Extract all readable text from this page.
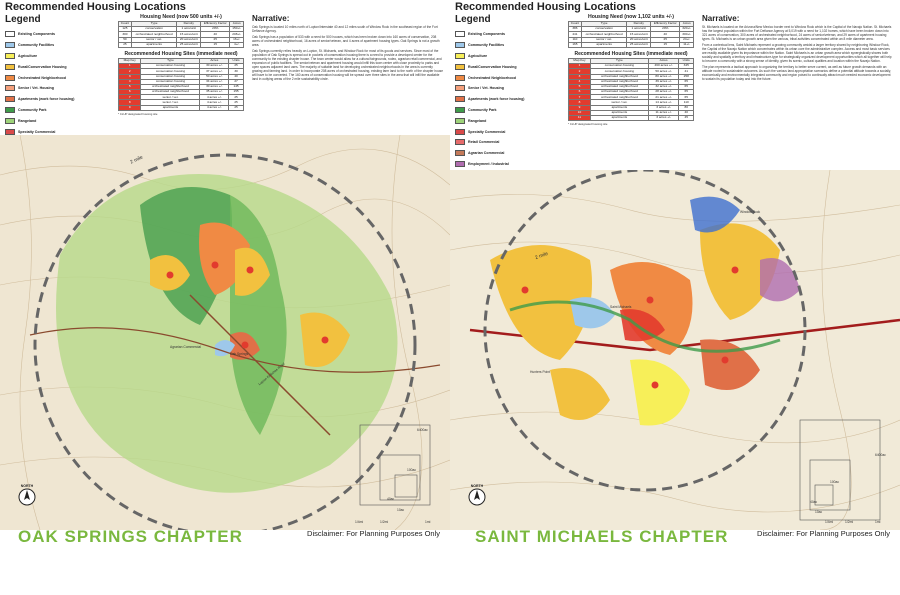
Recommended Housing Locations
Legend
Existing Components
Community Facilities
Agriculture
Rural/Conservation Housing
Orchestrated Neighborhood
Senior / Vet. Housing
Apartments (work force housing)
Community Park
Rangeland
Specialty Commercial
Housing Need (now 500 units +/-)
Count	Type	Density	Efficiency Factor	Acres
125	conservation	1 acre/unit	20%	150+/-
300	orchestrated neighborhood	15 acres/unit	40	208+/-
50	senior / vet.	20 acres/unit	25	16+/-
25	apartments	25 acres/unit	15	4+/-
Recommended Housing Sites (immediate need)
Map Key	Type	Acres	Units
1	conservation housing	30 acres +/-	25
2	conservation housing	37 acres +/-	30
3	conservation housing	50 acres +/-	40
4	conservation housing	34 acres +/-	27
5	orchestrated neighborhood	30 acres +/-	145
6	orchestrated neighborhood	35 acres +/-	155
7	senior / vet.	4 acres +/-	25
8	senior / vet.	4 acres +/-	25
9	apartments	4 acres +/-	25
* CLUP designated housing site
Narrative:

Oak Springs is located 10 miles north of Lupton/Interstate 40 and 12 miles south of Window Rock in the southeast region of the Fort Defiance Agency.

Oak Springs has a population of 533 with a need for 500 houses, which has been broken down into 160 acres of conservation, 208 acres of orchestrated neighborhood, 16 acres of senior/veteran, and 4 acres of apartment housing types. Oak Springs is not a growth area.

Oak Springs currently relies heavily on Lupton, St. Michaels, and Window Rock for most of its goods and services. Since most of the population of Oak Springs is spread out in pockets of conservation housing there is a need to provide a developed center for the community to the existing chapter house. The town center would allow for a cultural fairgrounds, rodeo, agrarian retail commercial, and expansion of public facilities. The senior/veteran and apartment housing would infill this town center with close proximity to parks and open spaces adjacent land uses. The majority of suitable land for developing orchestrated neighborhoods in the area is currently grazing and farming land. In order to incorporate 208 acres of orchestrated housing, existing farm land to the north of the chapter house will have to be converted. The 160 acres of conservation housing will be spread over three sites in the area that will infill the available land in outlying areas of the 2 mile sustainability circle.

2 mile
Lupton Kinlichee Road
Agrarian Commercial
Oak Springs
6400ac
100ac
40ac
10ac
1/4mi	1/2mi	1mi
NORTH
OAK SPRINGS CHAPTER	Disclaimer: For Planning Purposes Only
Recommended Housing Locations
Legend
Existing Components
Community Facilities
Agriculture
Rural/Conservation Housing
Orchestrated Neighborhood
Senior / Vet. Housing
Apartments (work force housing)
Community Park
Rangeland
Specialty Commercial
Retail Commercial
Agrarian Commercial
Employment / Industrial
Housing Need (now 1,102 units +/-)
Count	Type	Density	Efficiency Factor	Acres
386	conservation	1 acre/unit	20%	320+/-
441	orchestrated neighborhood	15 acres/unit	40	300+/-
110	senior / vet.	20 acres/unit	25	24+/-
165	apartments	25 acres/unit	15	11+/-
Recommended Housing Sites (immediate need)
Map Key	Type	Acres	Units
1	conservation housing	460 acres +/-	345
2	conservation housing	50 acres +/-	41
3	orchestrated neighborhood	80 acres +/-	258
4	orchestrated neighborhood	39 acres +/-	65
5	orchestrated neighborhood	32 acres +/-	65
6	orchestrated neighborhood	28 acres +/-	65
7	orchestrated neighborhood	21 acres +/-	65
8	senior / vet.	14 acres +/-	110
9	apartments	3 acres +/-	80
10	apartments	11 acres +/-	40
11	apartments	3 acres +/-	45
* CLUP designated housing site
Narrative:

St. Michaels is located on the Arizona/New Mexico border next to Window Rock which is the Capital of the Navajo Nation. St. Michaels has the largest population within the Fort Defiance Agency at 5,019 with a need for 1,102 homes, which have been broken down into 321 acres of conservation, 300 acres of orchestrated neighborhood, 24 acres of senior/veteran, and 29 acres of apartment housing types. St. Michaels is an urban growth area given the various, tribal activities concentrated within an 8 mile diameter area.

From a contextual lens, Saint Michaels represent a growing community amidst a larger territory shared by neighboring Window Rock, the Capital of the Navajo Nation which concentrates within its urban core the administrative complex. Access and most basic services are readily available given its importance within the Nation. Saint Michaels is an urban growth area which synergistically shares both socially and spatially a territory and infrastructure-type for strategically organized development opportunities which all together will help to become a community with a strong sense of identity, given its scenic, cultural qualities and location within the Navajo Nation.

The plan represents a tactical approach to organizing the territory to better serve current, as well as future growth demands with an attitude rooted in sustainable outcomes. As such the various land appropriation scenarios define a potential attitude towards a socially, economically and environmentally integrated community and region poised to continually attract much needed economic development to sustain its population today and into the future.

2 mile
Window Rock
Saint Michaels
Hunters Point
6400ac
100ac
40ac
10ac
1/4mi	1/2mi	1mi
NORTH
SAINT MICHAELS CHAPTER	Disclaimer: For Planning Purposes Only
